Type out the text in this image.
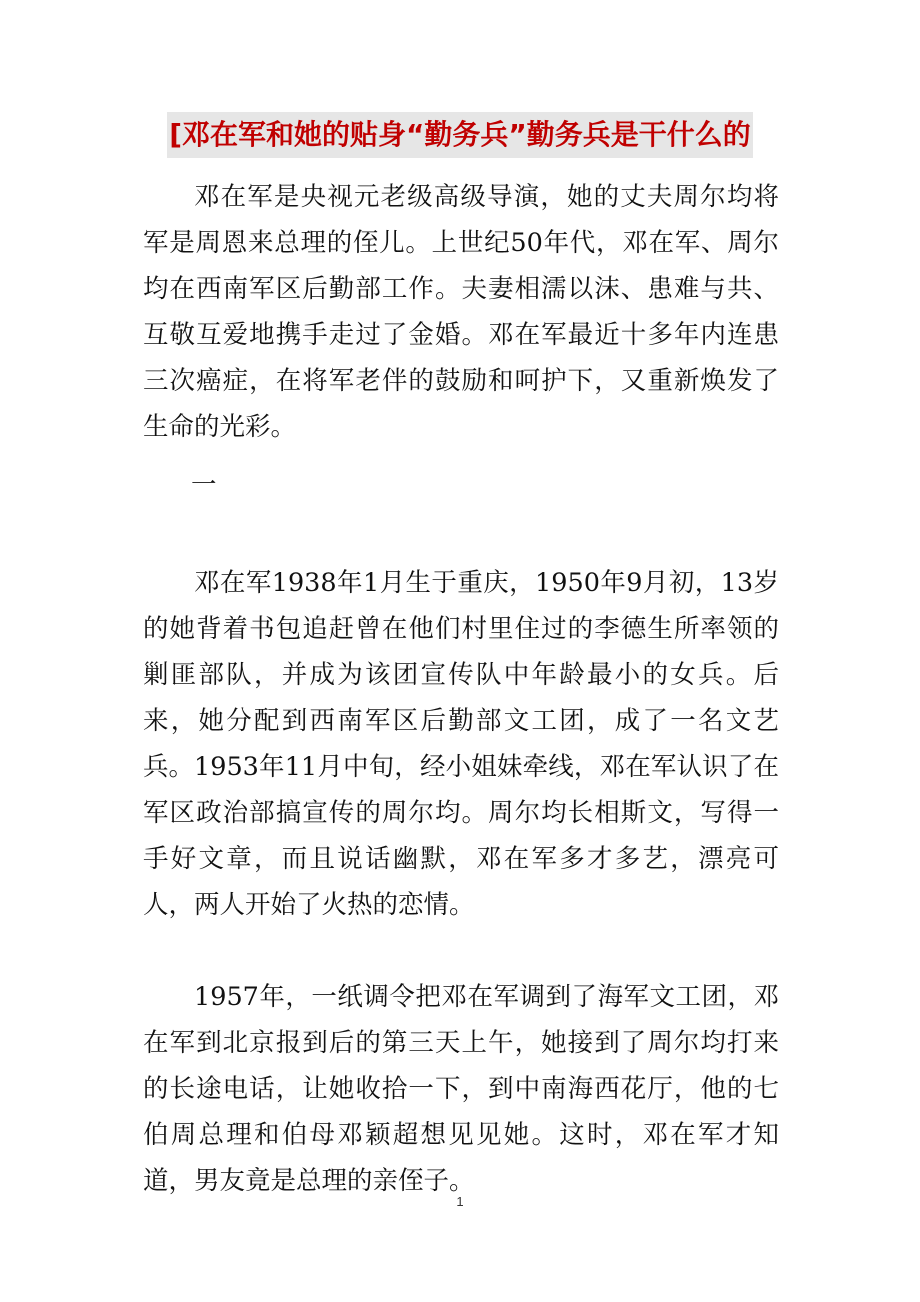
[邓在军和她的贴身“勤务兵”勤务兵是干什么的

邓在军是央视元老级高级导演，她的丈夫周尔均将军是周恩来总理的侄儿。上世纪50年代，邓在军、周尔均在西南军区后勤部工作。夫妻相濡以沫、患难与共、互敬互爱地携手走过了金婚。邓在军最近十多年内连患三次癌症，在将军老伴的鼓励和呵护下，又重新焕发了生命的光彩。

一

邓在军1938年1月生于重庆，1950年9月初，13岁的她背着书包追赶曾在他们村里住过的李德生所率领的剿匪部队，并成为该团宣传队中年龄最小的女兵。后来，她分配到西南军区后勤部文工团，成了一名文艺兵。 1953年11月中旬，经小姐妹牵线，邓在军认识了在军区政治部搞宣传的周尔均。周尔均长相斯文，写得一手好文章，而且说话幽默，邓在军多才多艺，漂亮可人，两人开始了火热的恋情。

1957年，一纸调令把邓在军调到了海军文工团，邓在军到北京报到后的第三天上午，她接到了周尔均打来的长途电话，让她收拾一下，到中南海西花厅，他的七伯周总理和伯母邓颖超想见见她。这时，邓在军才知道，男友竟是总理的亲侄子。

1
